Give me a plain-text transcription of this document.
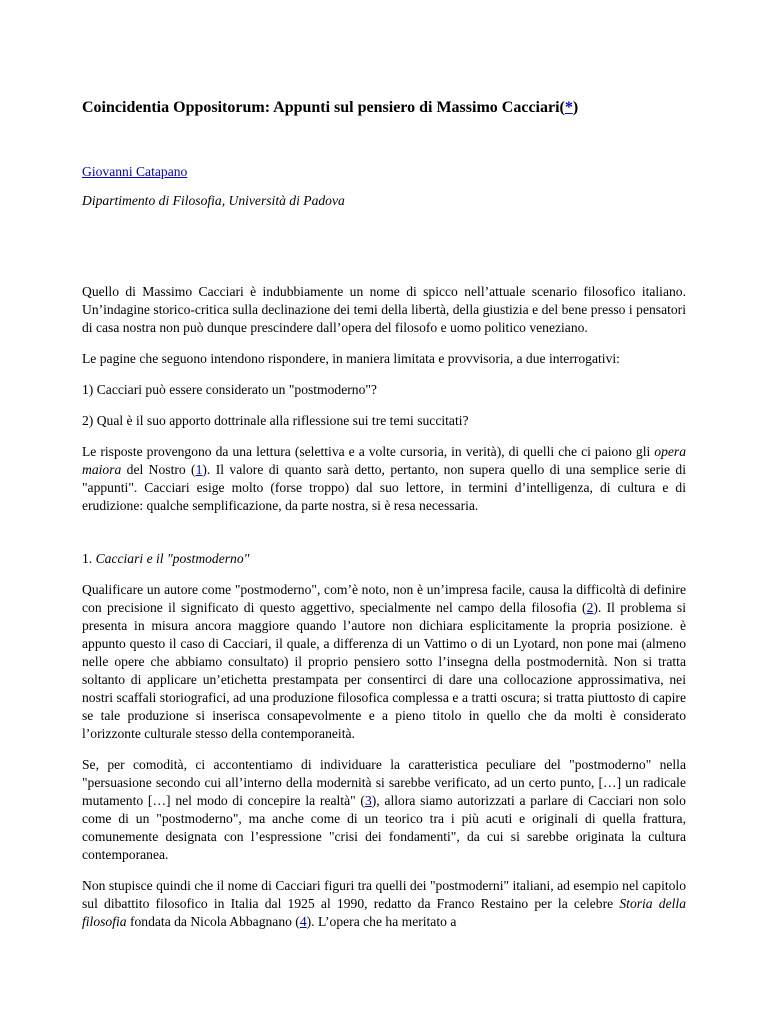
Coincidentia Oppositorum: Appunti sul pensiero di Massimo Cacciari(*)
Giovanni Catapano
Dipartimento di Filosofia, Università di Padova

Quello di Massimo Cacciari è indubbiamente un nome di spicco nell’attuale scenario filosofico italiano. Un’indagine storico-critica sulla declinazione dei temi della libertà, della giustizia e del bene presso i pensatori di casa nostra non può dunque prescindere dall’opera del filosofo e uomo politico veneziano.

Le pagine che seguono intendono rispondere, in maniera limitata e provvisoria, a due interrogativi:

1) Cacciari può essere considerato un "postmoderno"?

2) Qual è il suo apporto dottrinale alla riflessione sui tre temi succitati?

Le risposte provengono da una lettura (selettiva e a volte cursoria, in verità), di quelli che ci paiono gli opera maiora del Nostro (1). Il valore di quanto sarà detto, pertanto, non supera quello di una semplice serie di "appunti". Cacciari esige molto (forse troppo) dal suo lettore, in termini d’intelligenza, di cultura e di erudizione: qualche semplificazione, da parte nostra, si è resa necessaria.

1. Cacciari e il "postmoderno"

Qualificare un autore come "postmoderno", com’è noto, non è un’impresa facile, causa la difficoltà di definire con precisione il significato di questo aggettivo, specialmente nel campo della filosofia (2). Il problema si presenta in misura ancora maggiore quando l’autore non dichiara esplicitamente la propria posizione. è appunto questo il caso di Cacciari, il quale, a differenza di un Vattimo o di un Lyotard, non pone mai (almeno nelle opere che abbiamo consultato) il proprio pensiero sotto l’insegna della postmodernità. Non si tratta soltanto di applicare un’etichetta prestampata per consentirci di dare una collocazione approssimativa, nei nostri scaffali storiografici, ad una produzione filosofica complessa e a tratti oscura; si tratta piuttosto di capire se tale produzione si inserisca consapevolmente e a pieno titolo in quello che da molti è considerato l’orizzonte culturale stesso della contemporaneità.

Se, per comodità, ci accontentiamo di individuare la caratteristica peculiare del "postmoderno" nella "persuasione secondo cui all’interno della modernità si sarebbe verificato, ad un certo punto, […] un radicale mutamento […] nel modo di concepire la realtà" (3), allora siamo autorizzati a parlare di Cacciari non solo come di un "postmoderno", ma anche come di un teorico tra i più acuti e originali di quella frattura, comunemente designata con l’espressione "crisi dei fondamenti", da cui si sarebbe originata la cultura contemporanea.

Non stupisce quindi che il nome di Cacciari figuri tra quelli dei "postmoderni" italiani, ad esempio nel capitolo sul dibattito filosofico in Italia dal 1925 al 1990, redatto da Franco Restaino per la celebre Storia della filosofia fondata da Nicola Abbagnano (4). L’opera che ha meritato a
